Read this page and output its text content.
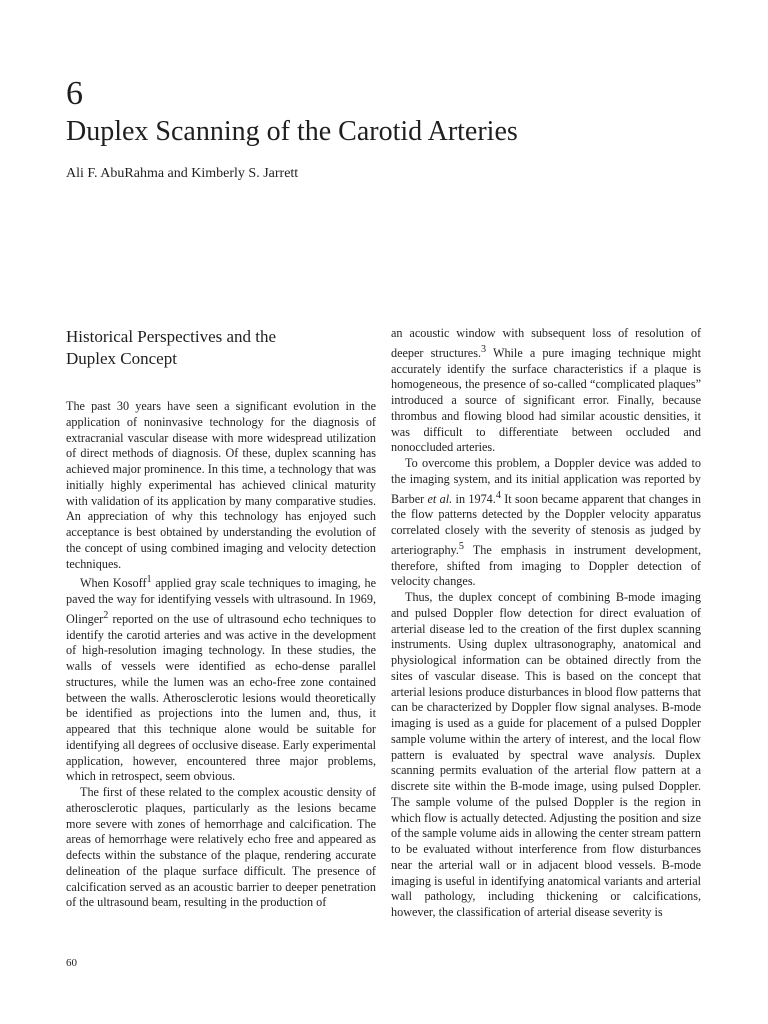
6
Duplex Scanning of the Carotid Arteries
Ali F. AbuRahma and Kimberly S. Jarrett
Historical Perspectives and the
Duplex Concept

The past 30 years have seen a significant evolution in the application of noninvasive technology for the diagnosis of extracranial vascular disease with more widespread utilization of direct methods of diagnosis. Of these, duplex scanning has achieved major prominence. In this time, a technology that was initially highly experimental has achieved clinical maturity with validation of its application by many comparative studies. An appreciation of why this technology has enjoyed such acceptance is best obtained by understanding the evolution of the concept of using combined imaging and velocity detection techniques.

When Kosoff$^1$ applied gray scale techniques to imaging, he paved the way for identifying vessels with ultrasound. In 1969, Olinger$^2$ reported on the use of ultrasound echo techniques to identify the carotid arteries and was active in the development of high-resolution imaging technology. In these studies, the walls of vessels were identified as echo-dense parallel structures, while the lumen was an echo-free zone contained between the walls. Atherosclerotic lesions would theoretically be identified as projections into the lumen and, thus, it appeared that this technique alone would be suitable for identifying all degrees of occlusive disease. Early experimental application, however, encountered three major problems, which in retrospect, seem obvious.

The first of these related to the complex acoustic density of atherosclerotic plaques, particularly as the lesions became more severe with zones of hemorrhage and calcification. The areas of hemorrhage were relatively echo free and appeared as defects within the substance of the plaque, rendering accurate delineation of the plaque surface difficult. The presence of calcification served as an acoustic barrier to deeper penetration of the ultrasound beam, resulting in the production of

an acoustic window with subsequent loss of resolution of deeper structures.$^3$ While a pure imaging technique might accurately identify the surface characteristics if a plaque is homogeneous, the presence of so-called “complicated plaques” introduced a source of significant error. Finally, because thrombus and flowing blood had similar acoustic densities, it was difficult to differentiate between occluded and nonoccluded arteries.

To overcome this problem, a Doppler device was added to the imaging system, and its initial application was reported by Barber et al. in 1974.$^4$ It soon became apparent that changes in the flow patterns detected by the Doppler velocity apparatus correlated closely with the severity of stenosis as judged by arteriography.$^5$ The emphasis in instrument development, therefore, shifted from imaging to Doppler detection of velocity changes.

Thus, the duplex concept of combining B-mode imaging and pulsed Doppler flow detection for direct evaluation of arterial disease led to the creation of the first duplex scanning instruments. Using duplex ultrasonography, anatomical and physiological information can be obtained directly from the sites of vascular disease. This is based on the concept that arterial lesions produce disturbances in blood flow patterns that can be characterized by Doppler flow signal analyses. B-mode imaging is used as a guide for placement of a pulsed Doppler sample volume within the artery of interest, and the local flow pattern is evaluated by spectral wave analysis. Duplex scanning permits evaluation of the arterial flow pattern at a discrete site within the B-mode image, using pulsed Doppler. The sample volume of the pulsed Doppler is the region in which flow is actually detected. Adjusting the position and size of the sample volume aids in allowing the center stream pattern to be evaluated without interference from flow disturbances near the arterial wall or in adjacent blood vessels. B-mode imaging is useful in identifying anatomical variants and arterial wall pathology, including thickening or calcifications, however, the classification of arterial disease severity is

60
